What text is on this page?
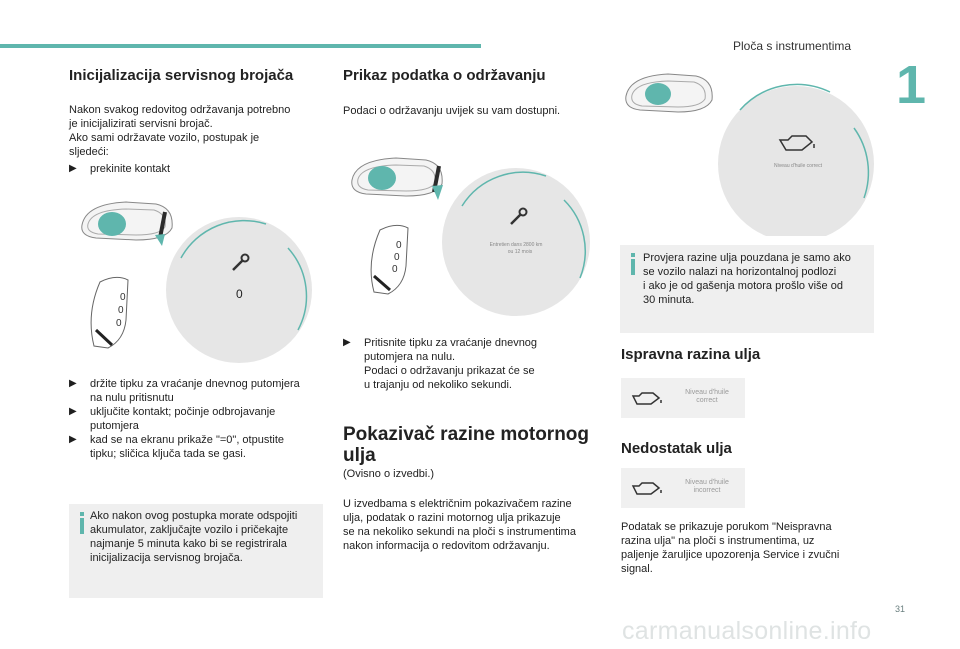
Ploča s instrumentima
1
Inicijalizacija servisnog brojača

Nakon svakog redovitog održavanja potrebno
je inicijalizirati servisni brojač.
Ako sami održavate vozilo, postupak je
sljedeći:

▶ prekinite kontakt
0
0
0
0
▶ držite tipku za vraćanje dnevnog putomjera
na nulu pritisnutu
▶ uključite kontakt; počinje odbrojavanje
putomjera
▶ kad se na ekranu prikaže "=0", otpustite
tipku; sličica ključa tada se gasi.
Ako nakon ovog postupka morate odspojiti
akumulator, zaključajte vozilo i pričekajte
najmanje 5 minuta kako bi se registrirala
inicijalizacija servisnog brojača.
Prikaz podatka o održavanju

Podaci o održavanju uvijek su vam dostupni.

0
0
0
Entretien dans 2800 km
ou 12 mois
▶ Pritisnite tipku za vraćanje dnevnog
putomjera na nulu.
Podaci o održavanju prikazat će se
u trajanju od nekoliko sekundi.
Pokazivač razine motornog
ulja

(Ovisno o izvedbi.)

U izvedbama s električnim pokazivačem razine
ulja, podatak o razini motornog ulja prikazuje
se na nekoliko sekundi na ploči s instrumentima
nakon informacija o redovitom održavanju.

Niveau d'huile correct
Provjera razine ulja pouzdana je samo ako
se vozilo nalazi na horizontalnoj podlozi
i ako je od gašenja motora prošlo više od
30 minuta.
Ispravna razina ulja
Niveau d'huile
correct
Nedostatak ulja
Niveau d'huile
incorrect

Podatak se prikazuje porukom "Neispravna
razina ulja" na ploči s instrumentima, uz
paljenje žaruljice upozorenja Service i zvučni
signal.

31
carmanualsonline.info
